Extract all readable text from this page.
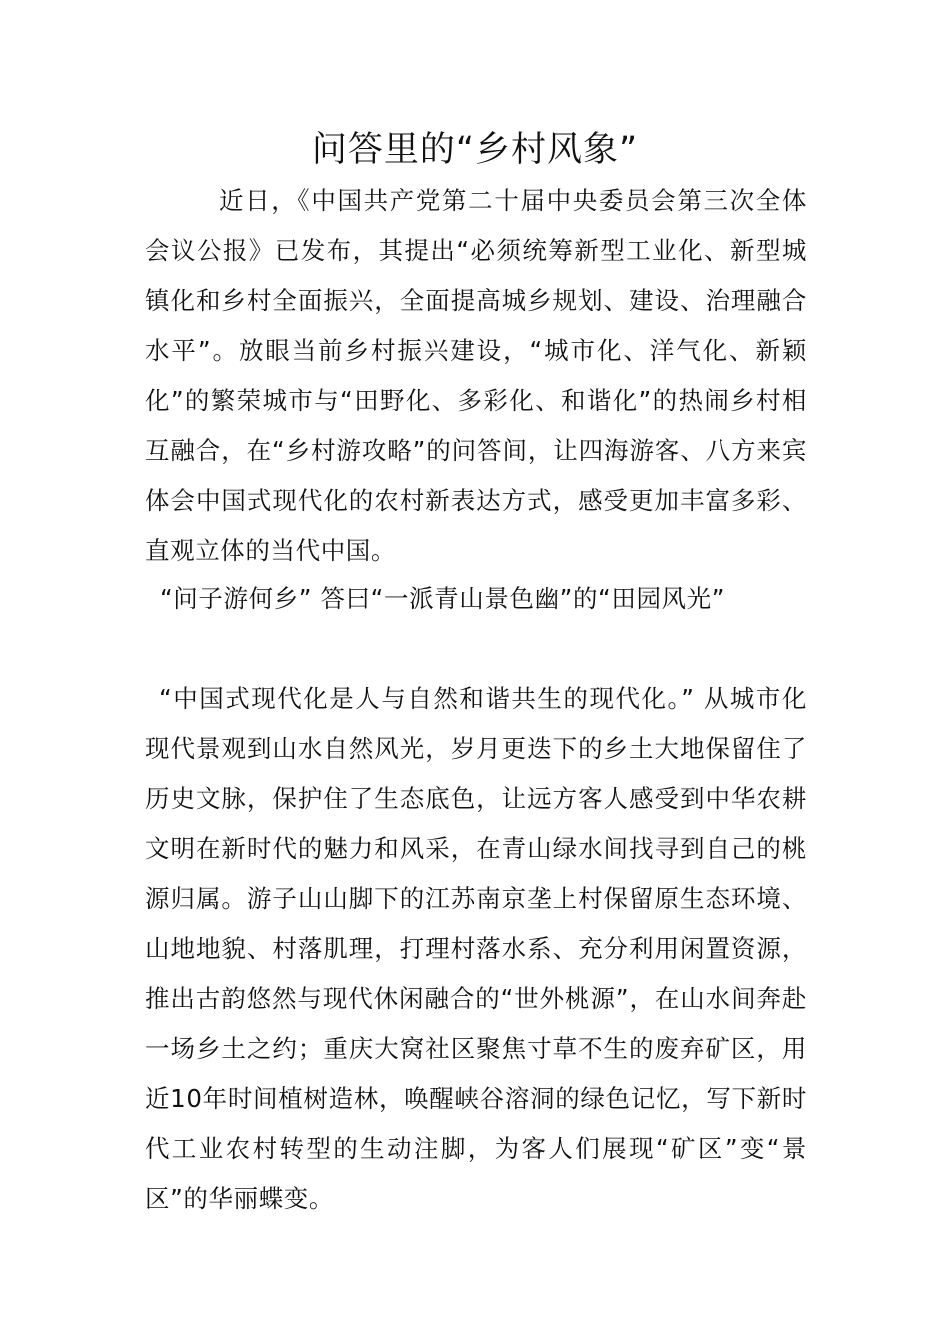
问答里的“乡村风象”

近日，《中国共产党第二十届中央委员会第三次全体会议公报》已发布，其提出“必须统筹新型工业化、新型城镇化和乡村全面振兴，全面提高城乡规划、建设、治理融合水平”。放眼当前乡村振兴建设，“城市化、洋气化、新颖化”的繁荣城市与“田野化、多彩化、和谐化”的热闹乡村相互融合，在“乡村游攻略”的问答间，让四海游客、八方来宾体会中国式现代化的农村新表达方式，感受更加丰富多彩、直观立体的当代中国。

“问子游何乡” 答曰“一派青山景色幽”的“田园风光”

“中国式现代化是人与自然和谐共生的现代化。” 从城市化现代景观到山水自然风光，岁月更迭下的乡土大地保留住了历史文脉，保护住了生态底色，让远方客人感受到中华农耕文明在新时代的魅力和风采，在青山绿水间找寻到自己的桃源归属。游子山山脚下的江苏南京垄上村保留原生态环境、山地地貌、村落肌理，打理村落水系、充分利用闲置资源，推出古韵悠然与现代休闲融合的“世外桃源”，在山水间奔赴一场乡土之约；重庆大窝社区聚焦寸草不生的废弃矿区，用近10年时间植树造林，唤醒峡谷溶洞的绿色记忆，写下新时代工业农村转型的生动注脚，为客人们展现“矿区”变“景区”的华丽蝶变。
